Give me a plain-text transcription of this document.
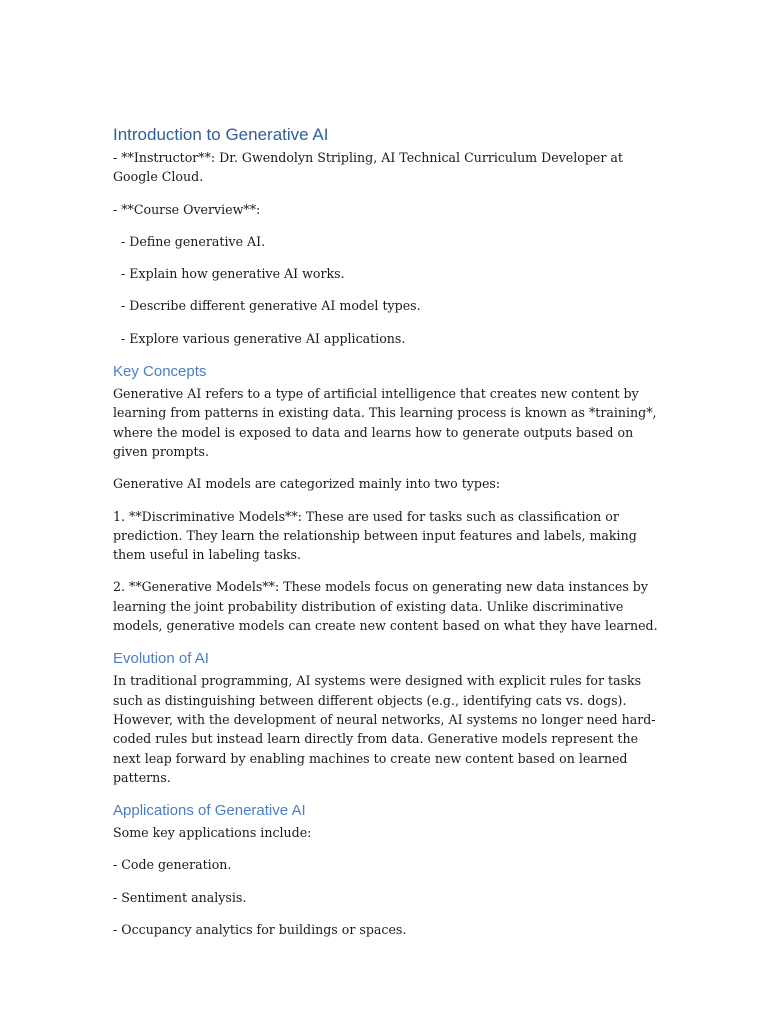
Introduction to Generative AI

- **Instructor**: Dr. Gwendolyn Stripling, AI Technical Curriculum Developer at Google Cloud.

- **Course Overview**:

- Define generative AI.

- Explain how generative AI works.

- Describe different generative AI model types.

- Explore various generative AI applications.

Key Concepts

Generative AI refers to a type of artificial intelligence that creates new content by learning from patterns in existing data. This learning process is known as *training*, where the model is exposed to data and learns how to generate outputs based on given prompts.

Generative AI models are categorized mainly into two types:

1. **Discriminative Models**: These are used for tasks such as classification or prediction. They learn the relationship between input features and labels, making them useful in labeling tasks.

2. **Generative Models**: These models focus on generating new data instances by learning the joint probability distribution of existing data. Unlike discriminative models, generative models can create new content based on what they have learned.

Evolution of AI

In traditional programming, AI systems were designed with explicit rules for tasks such as distinguishing between different objects (e.g., identifying cats vs. dogs). However, with the development of neural networks, AI systems no longer need hard-coded rules but instead learn directly from data. Generative models represent the next leap forward by enabling machines to create new content based on learned patterns.

Applications of Generative AI

Some key applications include:

- Code generation.

- Sentiment analysis.

- Occupancy analytics for buildings or spaces.
